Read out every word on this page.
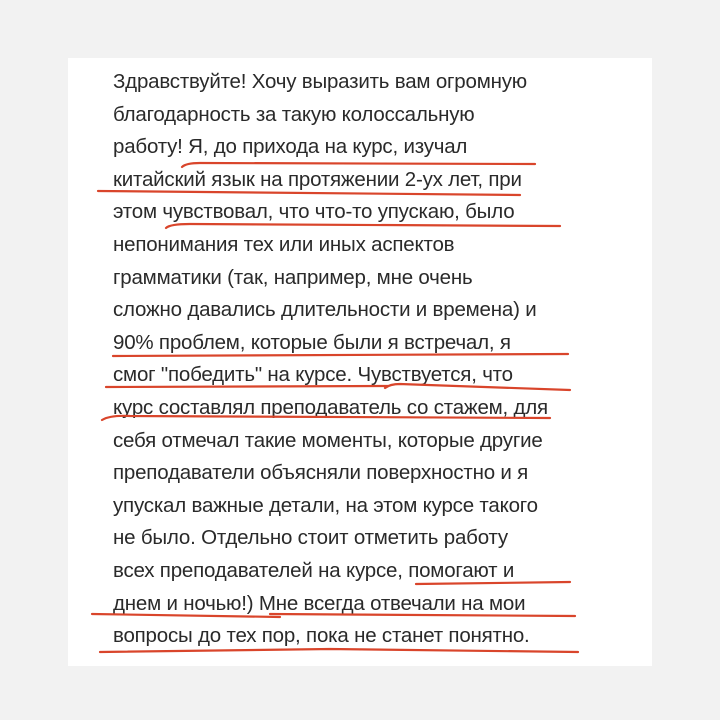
Здравствуйте! Хочу выразить вам огромную
благодарность за такую колоссальную
работу! Я, до прихода на курс, изучал
китайский язык на протяжении 2-ух лет, при
этом чувствовал, что что-то упускаю, было
непонимания тех или иных аспектов
грамматики (так, например, мне очень
сложно давались длительности и времена) и
90% проблем, которые были я встречал, я
смог "победить" на курсе. Чувствуется, что
курс составлял преподаватель со стажем, для
себя отмечал такие моменты, которые другие
преподаватели объясняли поверхностно и я
упускал важные детали, на этом курсе такого
не было. Отдельно стоит отметить работу
всех преподавателей на курсе, помогают и
днем и ночью!) Мне всегда отвечали на мои
вопросы до тех пор, пока не станет понятно.
